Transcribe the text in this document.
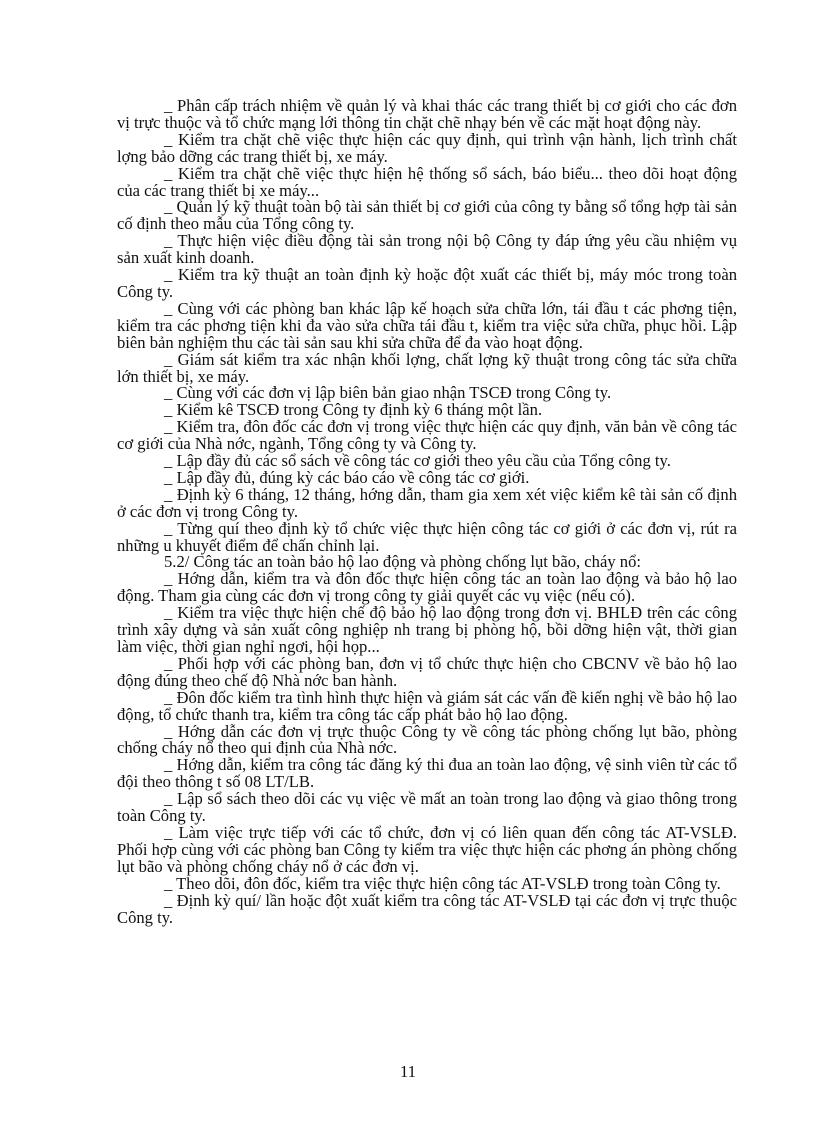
_ Phân cấp trách nhiệm về quản lý và khai thác các trang thiết bị cơ giới cho các đơn vị trực thuộc và tổ chức mạng lới thông tin chặt chẽ nhạy bén về các mặt hoạt động này.

_ Kiểm tra chặt chẽ việc thực hiện các quy định, qui trình vận hành, lịch trình chất lợng bảo dỡng các trang thiết bị, xe máy.

_ Kiểm tra chặt chẽ việc thực hiện hệ thống sổ sách, báo biểu... theo dõi hoạt động của các trang thiết bị xe máy...

_ Quản lý kỹ thuật toàn bộ tài sản thiết bị cơ giới của công ty bằng sổ tổng hợp tài sản cố định theo mẫu của Tổng công ty.

_ Thực hiện việc điều động tài sản trong nội bộ Công ty đáp ứng yêu cầu nhiệm vụ sản xuất kinh doanh.

_ Kiểm tra kỹ thuật an toàn định kỳ hoặc đột xuất các thiết bị, máy móc trong toàn Công ty.

_ Cùng với các phòng ban khác lập kế hoạch sửa chữa lớn, tái đầu t các phơng tiện, kiểm tra các phơng tiện khi đa vào sửa chữa tái đầu t, kiểm tra việc sửa chữa, phục hồi. Lập biên bản nghiệm thu các tài sản sau khi sửa chữa để đa vào hoạt động.

_ Giám sát kiểm tra xác nhận khối lợng, chất lợng kỹ thuật trong công tác sửa chữa lớn thiết bị, xe máy.

_ Cùng với các đơn vị lập biên bản giao nhận TSCĐ trong Công ty.

_ Kiểm kê TSCĐ trong Công ty định kỳ 6 tháng một lần.

_ Kiểm tra, đôn đốc các đơn vị trong việc thực hiện các quy định, văn bản về công tác cơ giới của Nhà nớc, ngành, Tổng công ty và Công ty.

_ Lập đầy đủ các sổ sách về công tác cơ giới theo yêu cầu của Tổng công ty.

_ Lập đầy đủ, đúng kỳ các báo cáo về công tác cơ giới.

_ Định kỳ 6 tháng, 12 tháng, hớng dẫn, tham gia xem xét việc kiểm kê tài sản cố định ở các đơn vị trong Công ty.

_ Từng quí theo định kỳ tổ chức việc thực hiện công tác cơ giới ở các đơn vị, rút ra những u khuyết điểm để chấn chỉnh lại.

5.2/ Công tác an toàn bảo hộ lao động và phòng chống lụt bão, cháy nổ:

_ Hớng dẫn, kiểm tra và đôn đốc thực hiện công tác an toàn lao động và bảo hộ lao động. Tham gia cùng các đơn vị trong công ty giải quyết các vụ việc (nếu có).

_ Kiểm tra việc thực hiện chế độ bảo hộ lao động trong đơn vị. BHLĐ trên các công trình xây dựng và sản xuất công nghiệp nh trang bị phòng hộ, bồi dỡng hiện vật, thời gian làm việc, thời gian nghỉ ngơi, hội họp...

_ Phối hợp với các phòng ban, đơn vị tổ chức thực hiện cho CBCNV về bảo hộ lao động đúng theo chế độ Nhà nớc ban hành.

_ Đôn đốc kiểm tra tình hình thực hiện và giám sát các vấn đề kiến nghị về bảo hộ lao động, tổ chức thanh tra, kiểm tra công tác cấp phát bảo hộ lao động.

_ Hớng dẫn các đơn vị trực thuộc Công ty về công tác phòng chống lụt bão, phòng chống cháy nổ theo qui định của Nhà nớc.

_ Hớng dẫn, kiểm tra công tác đăng ký thi đua an toàn lao động, vệ sinh viên từ các tổ đội theo thông t số 08 LT/LB.

_ Lập sổ sách theo dõi các vụ việc về mất an toàn trong lao động và giao thông trong toàn Công ty.

_ Làm việc trực tiếp với các tổ chức, đơn vị có liên quan đến công tác AT-VSLĐ. Phối hợp cùng với các phòng ban Công ty kiểm tra việc thực hiện các phơng án phòng chống lụt bão và phòng chống cháy nổ ở các đơn vị.

_ Theo dõi, đôn đốc, kiểm tra việc thực hiện công tác AT-VSLĐ trong toàn Công ty.

_ Định kỳ quí/ lần hoặc đột xuất kiểm tra công tác AT-VSLĐ tại các đơn vị trực thuộc Công ty.

11
